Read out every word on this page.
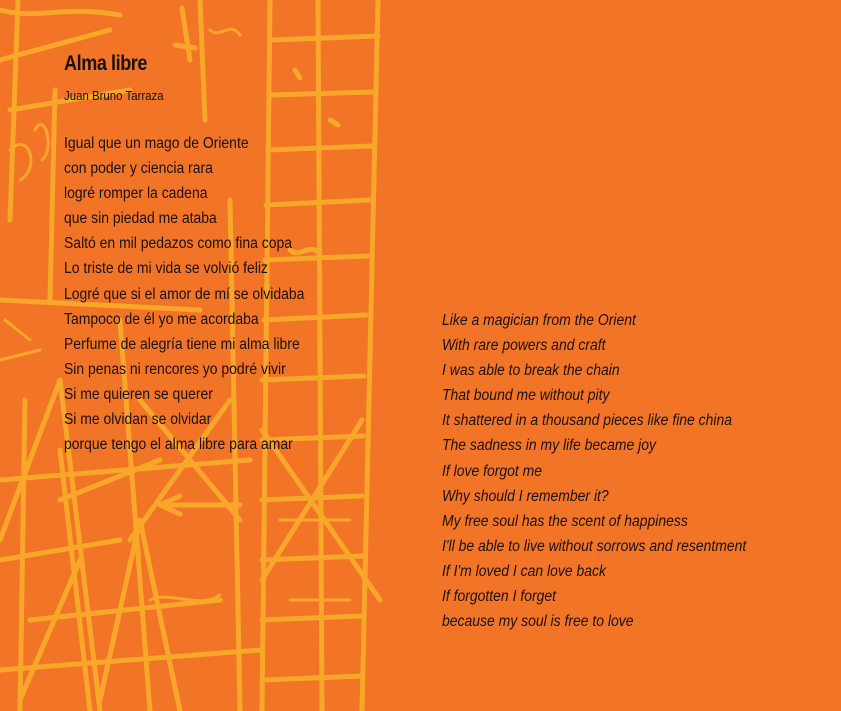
Alma libre
Juan Bruno Tarraza
Igual que un mago de Oriente
con poder y ciencia rara
logré romper la cadena
que sin piedad me ataba
Saltó en mil pedazos como fina copa
Lo triste de mi vida se volvió feliz
Logré que si el amor de mí se olvidaba
Tampoco de él yo me acordaba
Perfume de alegría tiene mi alma libre
Sin penas ni rencores yo podré vivir
Si me quieren se querer
Si me olvidan se olvidar
porque tengo el alma libre para amar
Like a magician from the Orient
With rare powers and craft
I was able to break the chain
That bound me without pity
It shattered in a thousand pieces like fine china
The sadness in my life became joy
If love forgot me
Why should I remember it?
My free soul has the scent of happiness
I'll be able to live without sorrows and resentment
If I'm loved I can love back
If forgotten I forget
because my soul is free to love
